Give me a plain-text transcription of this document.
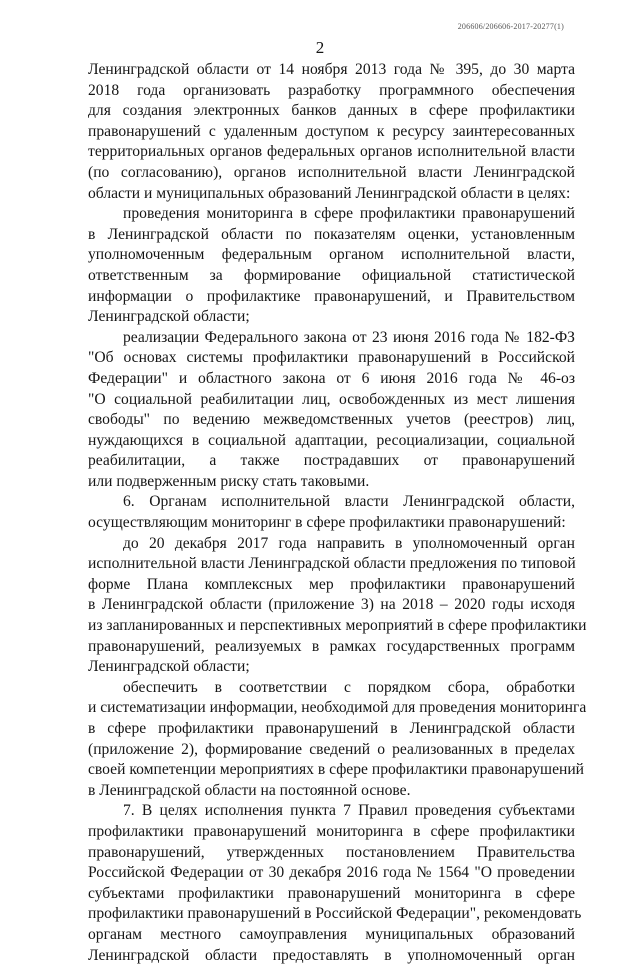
206606/206606-2017-20277(1)
2
Ленинградской области от 14 ноября 2013 года № 395, до 30 марта
2018 года организовать разработку программного обеспечения
для создания электронных банков данных в сфере профилактики
правонарушений с удаленным доступом к ресурсу заинтересованных
территориальных органов федеральных органов исполнительной власти
(по согласованию), органов исполнительной власти Ленинградской
области и муниципальных образований Ленинградской области в целях:
проведения мониторинга в сфере профилактики правонарушений
в Ленинградской области по показателям оценки, установленным
уполномоченным федеральным органом исполнительной власти,
ответственным за формирование официальной статистической
информации о профилактике правонарушений, и Правительством
Ленинградской области;
реализации Федерального закона от 23 июня 2016 года № 182-ФЗ
"Об основах системы профилактики правонарушений в Российской
Федерации" и областного закона от 6 июня 2016 года № 46-оз
"О социальной реабилитации лиц, освобожденных из мест лишения
свободы" по ведению межведомственных учетов (реестров) лиц,
нуждающихся в социальной адаптации, ресоциализации, социальной
реабилитации, а также пострадавших от правонарушений
или подверженным риску стать таковыми.
6. Органам исполнительной власти Ленинградской области,
осуществляющим мониторинг в сфере профилактики правонарушений:
до 20 декабря 2017 года направить в уполномоченный орган
исполнительной власти Ленинградской области предложения по типовой
форме Плана комплексных мер профилактики правонарушений
в Ленинградской области (приложение 3) на 2018 – 2020 годы исходя
из запланированных и перспективных мероприятий в сфере профилактики
правонарушений, реализуемых в рамках государственных программ
Ленинградской области;
обеспечить в соответствии с порядком сбора, обработки
и систематизации информации, необходимой для проведения мониторинга
в сфере профилактики правонарушений в Ленинградской области
(приложение 2), формирование сведений о реализованных в пределах
своей компетенции мероприятиях в сфере профилактики правонарушений
в Ленинградской области на постоянной основе.
7. В целях исполнения пункта 7 Правил проведения субъектами
профилактики правонарушений мониторинга в сфере профилактики
правонарушений, утвержденных постановлением Правительства
Российской Федерации от 30 декабря 2016 года № 1564 "О проведении
субъектами профилактики правонарушений мониторинга в сфере
профилактики правонарушений в Российской Федерации", рекомендовать
органам местного самоуправления муниципальных образований
Ленинградской области предоставлять в уполномоченный орган
